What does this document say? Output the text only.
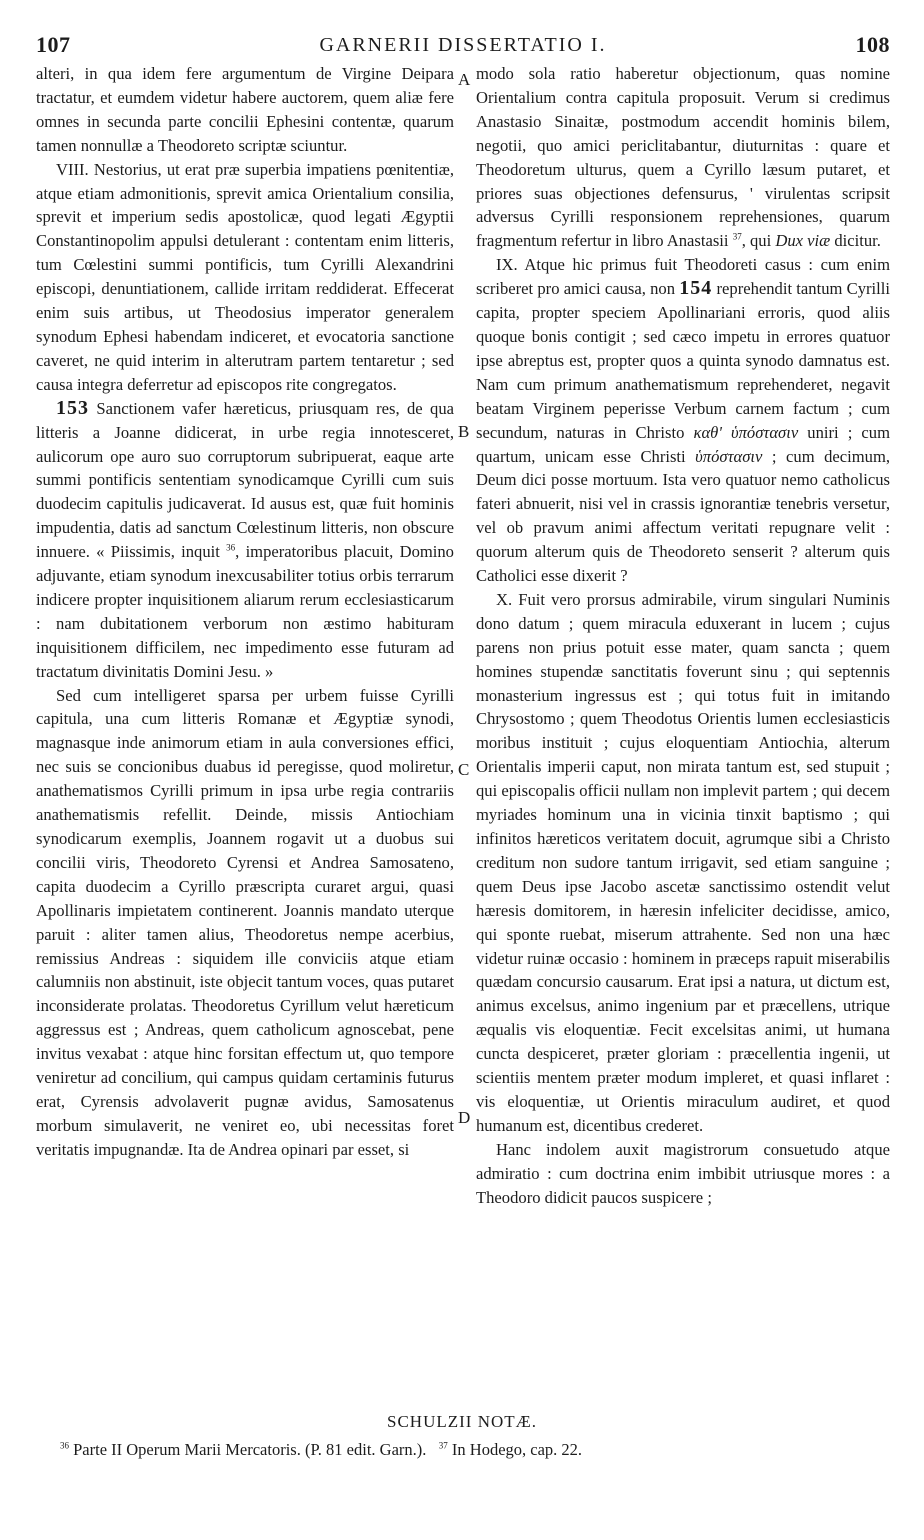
107	GARNERII DISSERTATIO I.	108

alteri, in qua idem fere argumentum de Virgine Deipara tractatur, et eumdem videtur habere auctorem, quem aliæ fere omnes in secunda parte concilii Ephesini contentæ, quarum tamen nonnullæ a Theodoreto scriptæ sciuntur.

VIII. Nestorius, ut erat præ superbia impatiens pœnitentiæ, atque etiam admonitionis, sprevit amica Orientalium consilia, sprevit et imperium sedis apostolicæ, quod legati Ægyptii Constantinopolim appulsi detulerant : contentam enim litteris, tum Cœlestini summi pontificis, tum Cyrilli Alexandrini episcopi, denuntiationem, callide irritam reddiderat. Effecerat enim suis artibus, ut Theodosius imperator generalem synodum Ephesi habendam indiceret, et evocatoria sanctione caveret, ne quid interim in alterutram partem tentaretur ; sed causa integra deferretur ad episcopos rite congregatos.

153 Sanctionem vafer hæreticus, priusquam res, de qua litteris a Joanne didicerat, in urbe regia innotesceret, aulicorum ope auro suo corruptorum subripuerat, eaque arte summi pontificis sententiam synodicamque Cyrilli cum suis duodecim capitulis judicaverat. Id ausus est, quæ fuit hominis impudentia, datis ad sanctum Cœlestinum litteris, non obscure innuere. « Piissimis, inquit $^{36}$, imperatoribus placuit, Domino adjuvante, etiam synodum inexcusabiliter totius orbis terrarum indicere propter inquisitionem aliarum rerum ecclesiasticarum : nam dubitationem verborum non æstimo habituram inquisitionem difficilem, nec impedimento esse futuram ad tractatum divinitatis Domini Jesu. »

Sed cum intelligeret sparsa per urbem fuisse Cyrilli capitula, una cum litteris Romanæ et Ægyptiæ synodi, magnasque inde animorum etiam in aula conversiones effici, nec suis se concionibus duabus id peregisse, quod moliretur, anathematismos Cyrilli primum in ipsa urbe regia contrariis anathematismis refellit. Deinde, missis Antiochiam synodicarum exemplis, Joannem rogavit ut a duobus sui concilii viris, Theodoreto Cyrensi et Andrea Samosateno, capita duodecim a Cyrillo præscripta curaret argui, quasi Apollinaris impietatem continerent. Joannis mandato uterque paruit : aliter tamen alius, Theodoretus nempe acerbius, remissius Andreas : siquidem ille conviciis atque etiam calumniis non abstinuit, iste objecit tantum voces, quas putaret inconsiderate prolatas. Theodoretus Cyrillum velut hæreticum aggressus est ; Andreas, quem catholicum agnoscebat, pene invitus vexabat : atque hinc forsitan effectum ut, quo tempore veniretur ad concilium, qui campus quidam certaminis futurus erat, Cyrensis advolaverit pugnæ avidus, Samosatenus morbum simulaverit, ne veniret eo, ubi necessitas foret veritatis impugnandæ. Ita de Andrea opinari par esset, si

modo sola ratio haberetur objectionum, quas nomine Orientalium contra capitula proposuit. Verum si credimus Anastasio Sinaitæ, postmodum accendit hominis bilem, negotii, quo amici periclitabantur, diuturnitas : quare et Theodoretum ulturus, quem a Cyrillo læsum putaret, et priores suas objectiones defensurus, ' virulentas scripsit adversus Cyrilli responsionem reprehensiones, quarum fragmentum refertur in libro Anastasii $^{37}$, qui Dux viæ dicitur.

IX. Atque hic primus fuit Theodoreti casus : cum enim scriberet pro amici causa, non 154 reprehendit tantum Cyrilli capita, propter speciem Apollinariani erroris, quod aliis quoque bonis contigit ; sed cæco impetu in errores quatuor ipse abreptus est, propter quos a quinta synodo damnatus est. Nam cum primum anathematismum reprehenderet, negavit beatam Virginem peperisse Verbum carnem factum ; cum secundum, naturas in Christo καθ' ὑπόστασιν uniri ; cum quartum, unicam esse Christi ὑπόστασιν ; cum decimum, Deum dici posse mortuum. Ista vero quatuor nemo catholicus fateri abnuerit, nisi vel in crassis ignorantiæ tenebris versetur, vel ob pravum animi affectum veritati repugnare velit : quorum alterum quis de Theodoreto senserit ? alterum quis Catholici esse dixerit ?

X. Fuit vero prorsus admirabile, virum singulari Numinis dono datum ; quem miracula eduxerant in lucem ; cujus parens non prius potuit esse mater, quam sancta ; quem homines stupendæ sanctitatis foverunt sinu ; qui septennis monasterium ingressus est ; qui totus fuit in imitando Chrysostomo ; quem Theodotus Orientis lumen ecclesiasticis moribus instituit ; cujus eloquentiam Antiochia, alterum Orientalis imperii caput, non mirata tantum est, sed stupuit ; qui episcopalis officii nullam non implevit partem ; qui decem myriades hominum una in vicinia tinxit baptismo ; qui infinitos hæreticos veritatem docuit, agrumque sibi a Christo creditum non sudore tantum irrigavit, sed etiam sanguine ; quem Deus ipse Jacobo ascetæ sanctissimo ostendit velut hæresis domitorem, in hæresin infeliciter decidisse, amico, qui sponte ruebat, miserum attrahente. Sed non una hæc videtur ruinæ occasio : hominem in præceps rapuit miserabilis quædam concursio causarum. Erat ipsi a natura, ut dictum est, animus excelsus, animo ingenium par et præcellens, utrique æqualis vis eloquentiæ. Fecit excelsitas animi, ut humana cuncta despiceret, præter gloriam : præcellentia ingenii, ut scientiis mentem præter modum impleret, et quasi inflaret : vis eloquentiæ, ut Orientis miraculum audiret, et quod humanum est, dicentibus crederet.

Hanc indolem auxit magistrorum consuetudo atque admiratio : cum doctrina enim imbibit utriusque mores : a Theodoro didicit paucos suspicere ;

A
B
C
D
SCHULZII NOTÆ.
$^{36}$ Parte II Operum Marii Mercatoris. (P. 81 edit. Garn.). $^{37}$ In Hodego, cap. 22.
